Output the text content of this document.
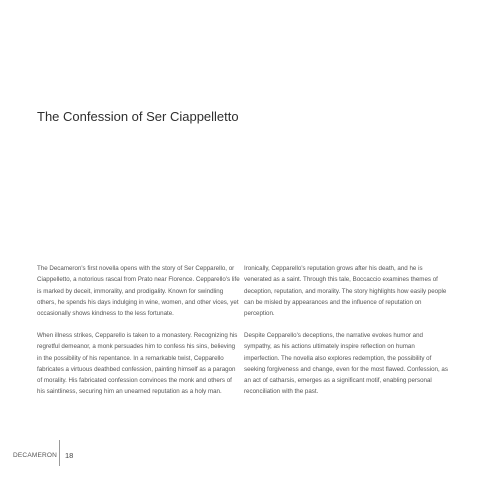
The Confession of Ser Ciappelletto

The Decameron's first novella opens with the story of Ser Cepparello, or Ciappelletto, a notorious rascal from Prato near Florence. Cepparello's life is marked by deceit, immorality, and prodigality. Known for swindling others, he spends his days indulging in wine, women, and other vices, yet occasionally shows kindness to the less fortunate.

When illness strikes, Cepparello is taken to a monastery. Recognizing his regretful demeanor, a monk persuades him to confess his sins, believing in the possibility of his repentance. In a remarkable twist, Cepparello fabricates a virtuous deathbed confession, painting himself as a paragon of morality. His fabricated confession convinces the monk and others of his saintliness, securing him an unearned reputation as a holy man.

Ironically, Cepparello's reputation grows after his death, and he is venerated as a saint. Through this tale, Boccaccio examines themes of deception, reputation, and morality. The story highlights how easily people can be misled by appearances and the influence of reputation on perception.

Despite Cepparello's deceptions, the narrative evokes humor and sympathy, as his actions ultimately inspire reflection on human imperfection. The novella also explores redemption, the possibility of seeking forgiveness and change, even for the most flawed. Confession, as an act of catharsis, emerges as a significant motif, enabling personal reconciliation with the past.

DECAMERON 18
